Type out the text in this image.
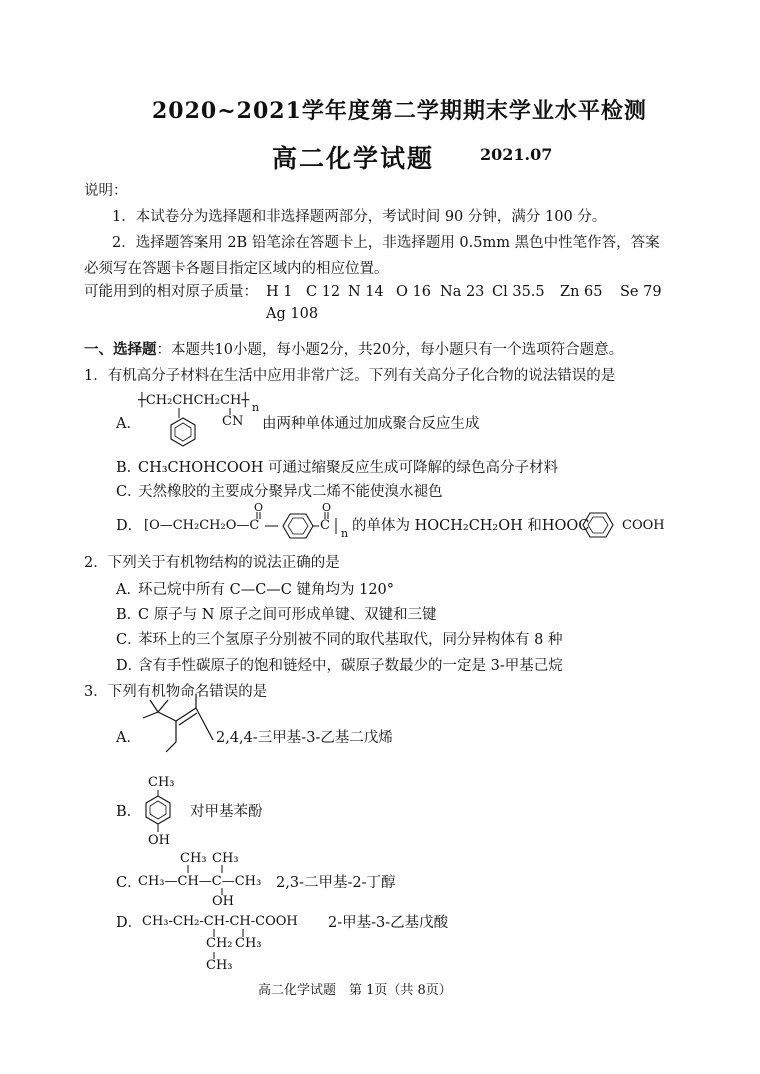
2020~2021学年度第二学期期末学业水平检测
高二化学试题	2021.07
说明：
1．本试卷分为选择题和非选择题两部分，考试时间 90 分钟，满分 100 分。
2．选择题答案用 2B 铅笔涂在答题卡上，非选择题用 0.5mm 黑色中性笔作答，答案
必须写在答题卡各题目指定区域内的相应位置。
可能用到的相对原子质量： H 1 C 12 N 14 O 16 Na 23 Cl 35.5 Zn 65 Se 79
Ag 108
一、选择题：本题共10小题，每小题2分，共20分，每小题只有一个选项符合题意。
1．有机高分子材料在生活中应用非常广泛。下列有关高分子化合物的说法错误的是
A．
┼CH₂CHCH₂CH┼ n
CN 由两种单体通过加成聚合反应生成
B．
CH₃CHOHCOOH 可通过缩聚反应生成可降解的绿色高分子材料
C．
天然橡胶的主要成分聚异戊二烯不能使溴水褪色
D． [O—CH₂CH₂O—C
O	O
C
n 的单体为 HOCH₂CH₂OH 和HOOC	COOH
2．下列关于有机物结构的说法正确的是
A．
环己烷中所有 C—C—C 键角均为 120°
B．
C 原子与 N 原子之间可形成单键、双键和三键
C．
苯环上的三个氢原子分别被不同的取代基取代，同分异构体有 8 种
D．
含有手性碳原子的饱和链烃中，碳原子数最少的一定是 3-甲基己烷
3．下列有机物命名错误的是
A．	2,4,4-三甲基-3-乙基二戊烯
B．
CH₃
OH
对甲基苯酚
CH₃ CH₃
C．
CH₃—CH—C—CH₃
OH
2,3-二甲基-2-丁醇
D． CH₃-CH₂-CH-CH-COOH
CH₂ CH₃
CH₃
2-甲基-3-乙基戊酸
高二化学试题　第 1页（共 8页）
